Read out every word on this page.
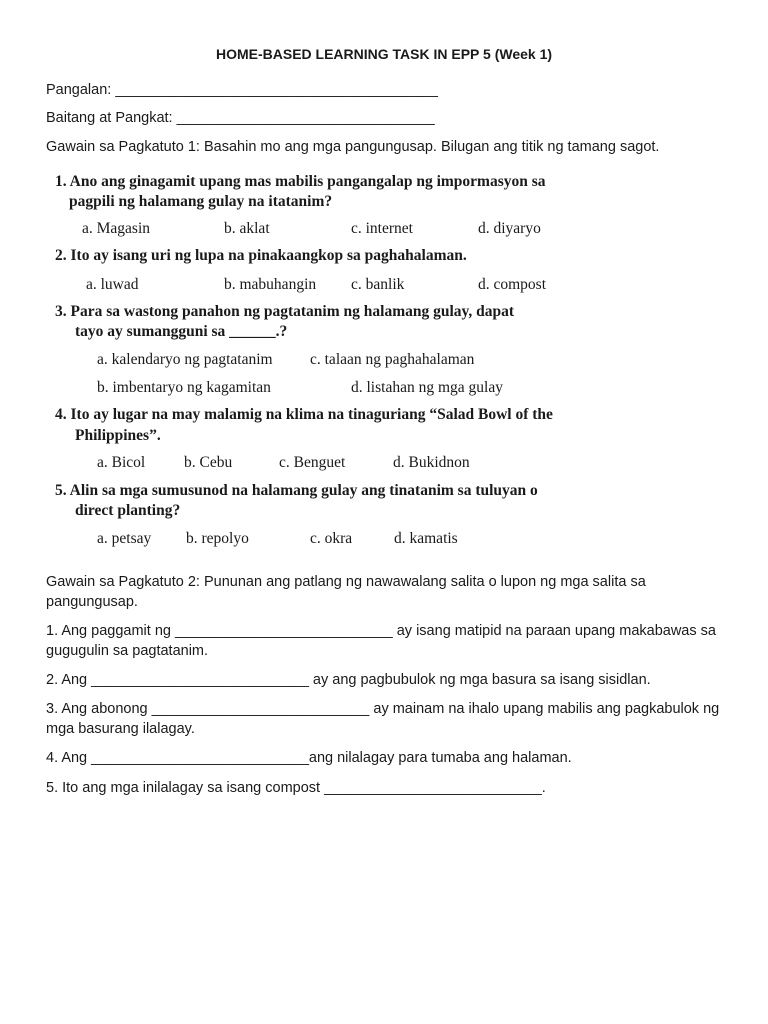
HOME-BASED LEARNING TASK IN EPP 5 (Week 1)
Pangalan: ________________________________________
Baitang at Pangkat: ________________________________
Gawain sa Pagkatuto 1: Basahin mo ang mga pangungusap. Bilugan ang titik ng tamang sagot.
1. Ano ang ginagamit upang mas mabilis pangangalap ng impormasyon sa
pagpili ng halamang gulay na itatanim?
a. Magasin	b. aklat	c. internet	d. diyaryo
2. Ito ay isang uri ng lupa na pinakaangkop sa paghahalaman.
a. luwad	b. mabuhangin c. banlik	d. compost
3. Para sa wastong panahon ng pagtatanim ng halamang gulay, dapat
tayo ay sumangguni sa ______.?
a. kalendaryo ng pagtatanim c. talaan ng paghahalaman
b. imbentaryo ng kagamitan	d. listahan ng mga gulay
4. Ito ay lugar na may malamig na klima na tinaguriang “Salad Bowl of the
Philippines”.
a. Bicol	b. Cebu	c. Benguet	d. Bukidnon
5. Alin sa mga sumusunod na halamang gulay ang tinatanim sa tuluyan o
direct planting?
a. petsay b. repolyo	c. okra	d. kamatis
Gawain sa Pagkatuto 2: Pununan ang patlang ng nawawalang salita o lupon ng mga salita sa pangungusap.
1. Ang paggamit ng ___________________________ ay isang matipid na paraan upang makabawas sa gugugulin sa pagtatanim.
2. Ang ___________________________ ay ang pagbubulok ng mga basura sa isang sisidlan.
3. Ang abonong ___________________________ ay mainam na ihalo upang mabilis ang pagkabulok ng mga basurang ilalagay.
4. Ang ___________________________ang nilalagay para tumaba ang halaman.
5. Ito ang mga inilalagay sa isang compost ___________________________.
